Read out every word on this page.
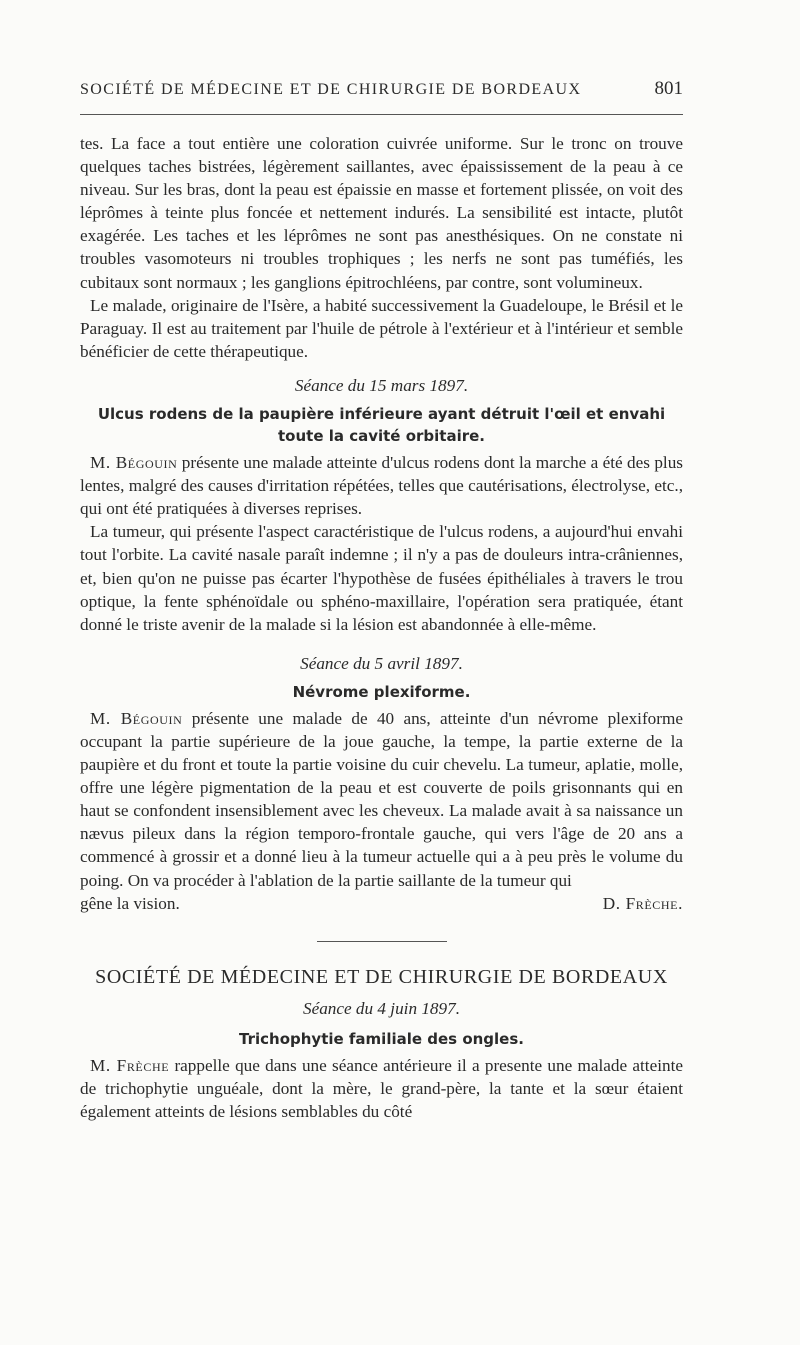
SOCIÉTÉ DE MÉDECINE ET DE CHIRURGIE DE BORDEAUX	801

tes. La face a tout entière une coloration cuivrée uniforme. Sur le tronc on trouve quelques taches bistrées, légèrement saillantes, avec épaississement de la peau à ce niveau. Sur les bras, dont la peau est épaissie en masse et fortement plissée, on voit des léprômes à teinte plus foncée et nettement indurés. La sensibilité est intacte, plutôt exagérée. Les taches et les léprômes ne sont pas anesthésiques. On ne constate ni troubles vasomoteurs ni troubles trophiques ; les nerfs ne sont pas tuméfiés, les cubitaux sont normaux ; les ganglions épitrochléens, par contre, sont volumineux.

Le malade, originaire de l'Isère, a habité successivement la Guadeloupe, le Brésil et le Paraguay. Il est au traitement par l'huile de pétrole à l'extérieur et à l'intérieur et semble bénéficier de cette thérapeutique.

Séance du 15 mars 1897.
Ulcus rodens de la paupière inférieure ayant détruit l'œil et envahi toute la cavité orbitaire.

M. Bégouin présente une malade atteinte d'ulcus rodens dont la marche a été des plus lentes, malgré des causes d'irritation répétées, telles que cautérisations, électrolyse, etc., qui ont été pratiquées à diverses reprises.

La tumeur, qui présente l'aspect caractéristique de l'ulcus rodens, a aujourd'hui envahi tout l'orbite. La cavité nasale paraît indemne ; il n'y a pas de douleurs intra-crâniennes, et, bien qu'on ne puisse pas écarter l'hypothèse de fusées épithéliales à travers le trou optique, la fente sphénoïdale ou sphéno-maxillaire, l'opération sera pratiquée, étant donné le triste avenir de la malade si la lésion est abandonnée à elle-même.

Séance du 5 avril 1897.
Névrome plexiforme.

M. Bégouin présente une malade de 40 ans, atteinte d'un névrome plexiforme occupant la partie supérieure de la joue gauche, la tempe, la partie externe de la paupière et du front et toute la partie voisine du cuir chevelu. La tumeur, aplatie, molle, offre une légère pigmentation de la peau et est couverte de poils grisonnants qui en haut se confondent insensiblement avec les cheveux. La malade avait à sa naissance un nævus pileux dans la région temporo-frontale gauche, qui vers l'âge de 20 ans a commencé à grossir et a donné lieu à la tumeur actuelle qui a à peu près le volume du poing. On va procéder à l'ablation de la partie saillante de la tumeur qui

gêne la vision.	D. Frèche.
SOCIÉTÉ DE MÉDECINE ET DE CHIRURGIE DE BORDEAUX
Séance du 4 juin 1897.
Trichophytie familiale des ongles.

M. Frèche rappelle que dans une séance antérieure il a presente une malade atteinte de trichophytie unguéale, dont la mère, le grand-père, la tante et la sœur étaient également atteints de lésions semblables du côté
